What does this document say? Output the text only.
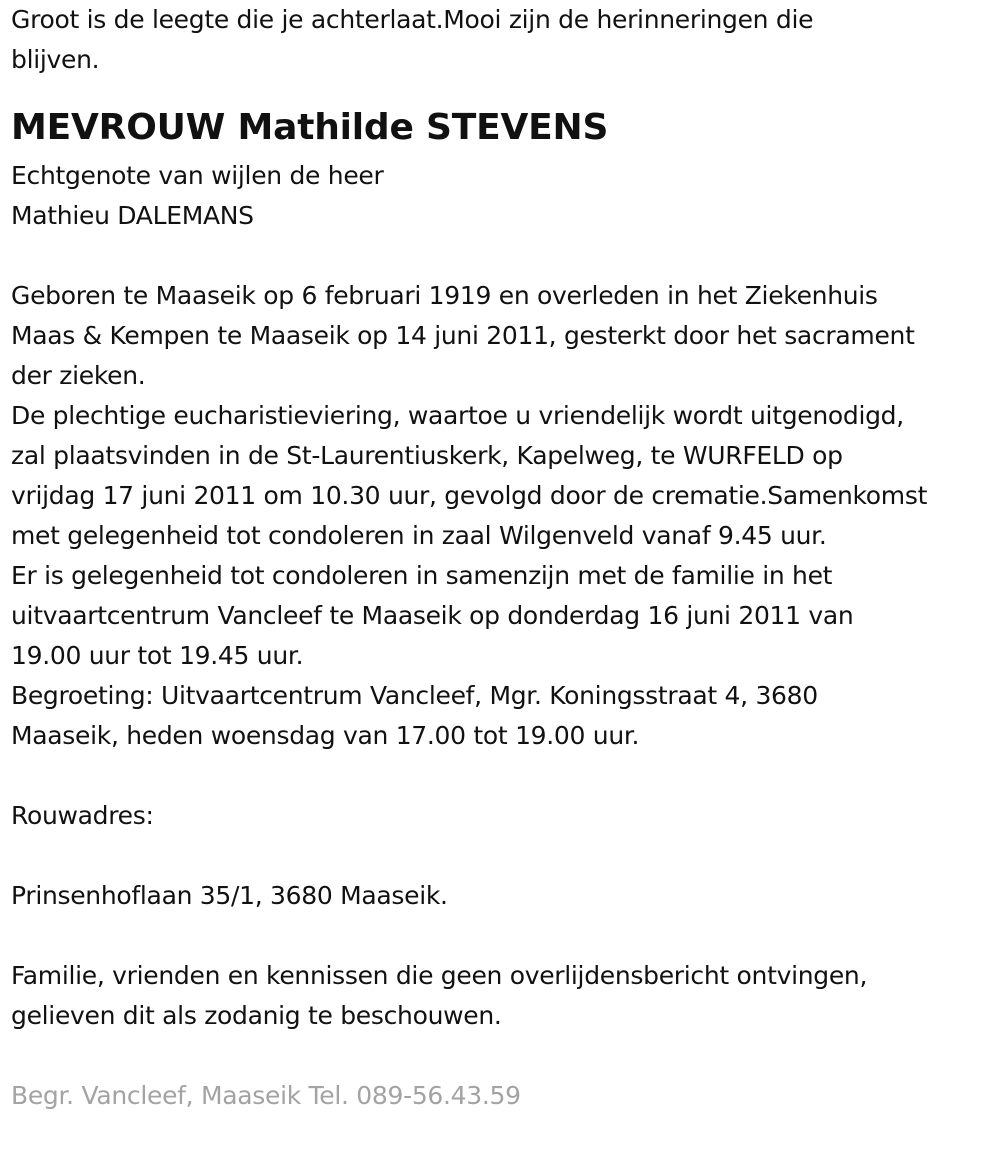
Groot is de leegte die je achterlaat.Mooi zijn de herinneringen die
blijven.
MEVROUW Mathilde STEVENS
Echtgenote van wijlen de heer
Mathieu DALEMANS
Geboren te Maaseik op 6 februari 1919 en overleden in het Ziekenhuis
Maas & Kempen te Maaseik op 14 juni 2011, gesterkt door het sacrament
der zieken.
De plechtige eucharistieviering, waartoe u vriendelijk wordt uitgenodigd,
zal plaatsvinden in de St-Laurentiuskerk, Kapelweg, te WURFELD op
vrijdag 17 juni 2011 om 10.30 uur, gevolgd door de crematie.Samenkomst
met gelegenheid tot condoleren in zaal Wilgenveld vanaf 9.45 uur.
Er is gelegenheid tot condoleren in samenzijn met de familie in het
uitvaartcentrum Vancleef te Maaseik op donderdag 16 juni 2011 van
19.00 uur tot 19.45 uur.
Begroeting: Uitvaartcentrum Vancleef, Mgr. Koningsstraat 4, 3680
Maaseik, heden woensdag van 17.00 tot 19.00 uur.
Rouwadres:
Prinsenhoflaan 35/1, 3680 Maaseik.
Familie, vrienden en kennissen die geen overlijdensbericht ontvingen,
gelieven dit als zodanig te beschouwen.
Begr. Vancleef, Maaseik Tel. 089-56.43.59
